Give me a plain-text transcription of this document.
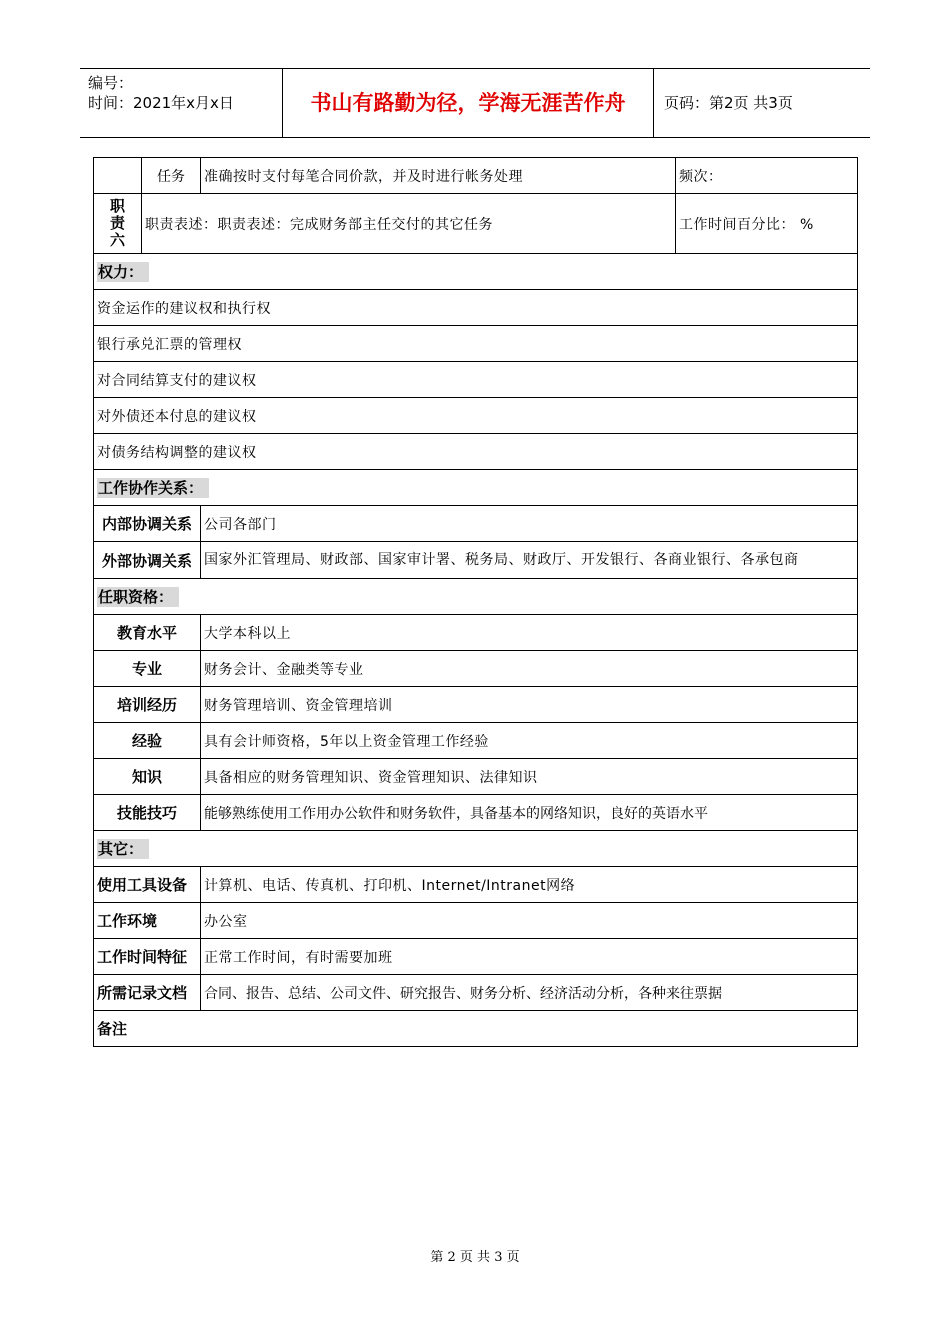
编号：
时间：2021年x月x日	书山有路勤为径，学海无涯苦作舟	页码：第2页 共3页
	任务	准确按时支付每笔合同价款，并及时进行帐务处理	频次：

职责六	职责表述：职责表述：完成财务部主任交付的其它任务		工作时间百分比： %
权力：			
资金运作的建议权和执行权			
银行承兑汇票的管理权			
对合同结算支付的建议权			
对外债还本付息的建议权			
对债务结构调整的建议权			
工作协作关系：			
内部协调关系		公司各部门	
外部协调关系		国家外汇管理局、财政部、国家审计署、税务局、财政厅、开发银行、各商业银行、各承包商	
任职资格：			
教育水平		大学本科以上	
专业		财务会计、金融类等专业	
培训经历		财务管理培训、资金管理培训	
经验		具有会计师资格，5年以上资金管理工作经验	
知识		具备相应的财务管理知识、资金管理知识、法律知识	
技能技巧		能够熟练使用工作用办公软件和财务软件，具备基本的网络知识，良好的英语水平	
其它：			
使用工具设备		计算机、电话、传真机、打印机、Internet/Intranet网络	
工作环境		办公室	
工作时间特征		正常工作时间，有时需要加班	
所需记录文档		合同、报告、总结、公司文件、研究报告、财务分析、经济活动分析，各种来往票据	
备注			
第 2 页 共 3 页
